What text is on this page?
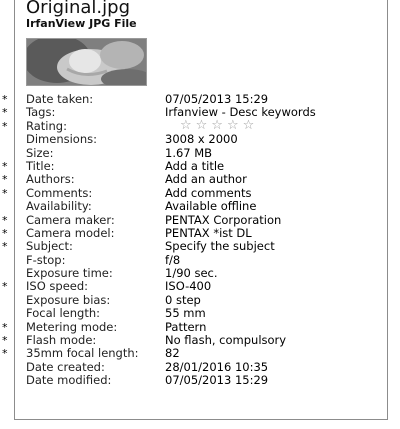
Original.jpg
IrfanView JPG File
* Date taken:	07/05/2013 15:29
* Tags:	Irfanview - Desc keywords
* Rating:	☆☆☆☆☆
Dimensions:	3008 x 2000
Size:	1.67 MB
* Title:	Add a title
* Authors:	Add an author
* Comments:	Add comments
Availability:	Available offline
* Camera maker:	PENTAX Corporation
* Camera model:	PENTAX *ist DL
* Subject:	Specify the subject
F-stop:	f/8
Exposure time:	1/90 sec.
* ISO speed:	ISO-400
Exposure bias:	0 step
Focal length:	55 mm
* Metering mode:	Pattern
* Flash mode:	No flash, compulsory
* 35mm focal length: 82
Date created:	28/01/2016 10:35
Date modified:	07/05/2013 15:29
